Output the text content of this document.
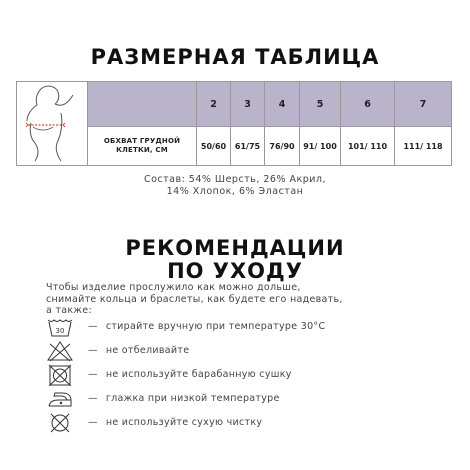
РАЗМЕРНАЯ ТАБЛИЦА
		2	3	4	5	6	7

	ОБХВАТ ГРУДНОЙ
КЛЕТКИ, СМ	50/60	61/75	76/90	91/ 100	101/ 110	111/ 118
Состав: 54% Шерсть, 26% Акрил,
14% Хлопок, 6% Эластан
РЕКОМЕНДАЦИИ
ПО УХОДУ
Чтобы изделие прослужило как можно дольше,
снимайте кольца и браслеты, как будете его надевать,
а также:
30 — стирайте вручную при температуре 30°С
— не отбеливайте
— не используйте барабанную сушку
— глажка при низкой температуре
— не используйте сухую чистку
